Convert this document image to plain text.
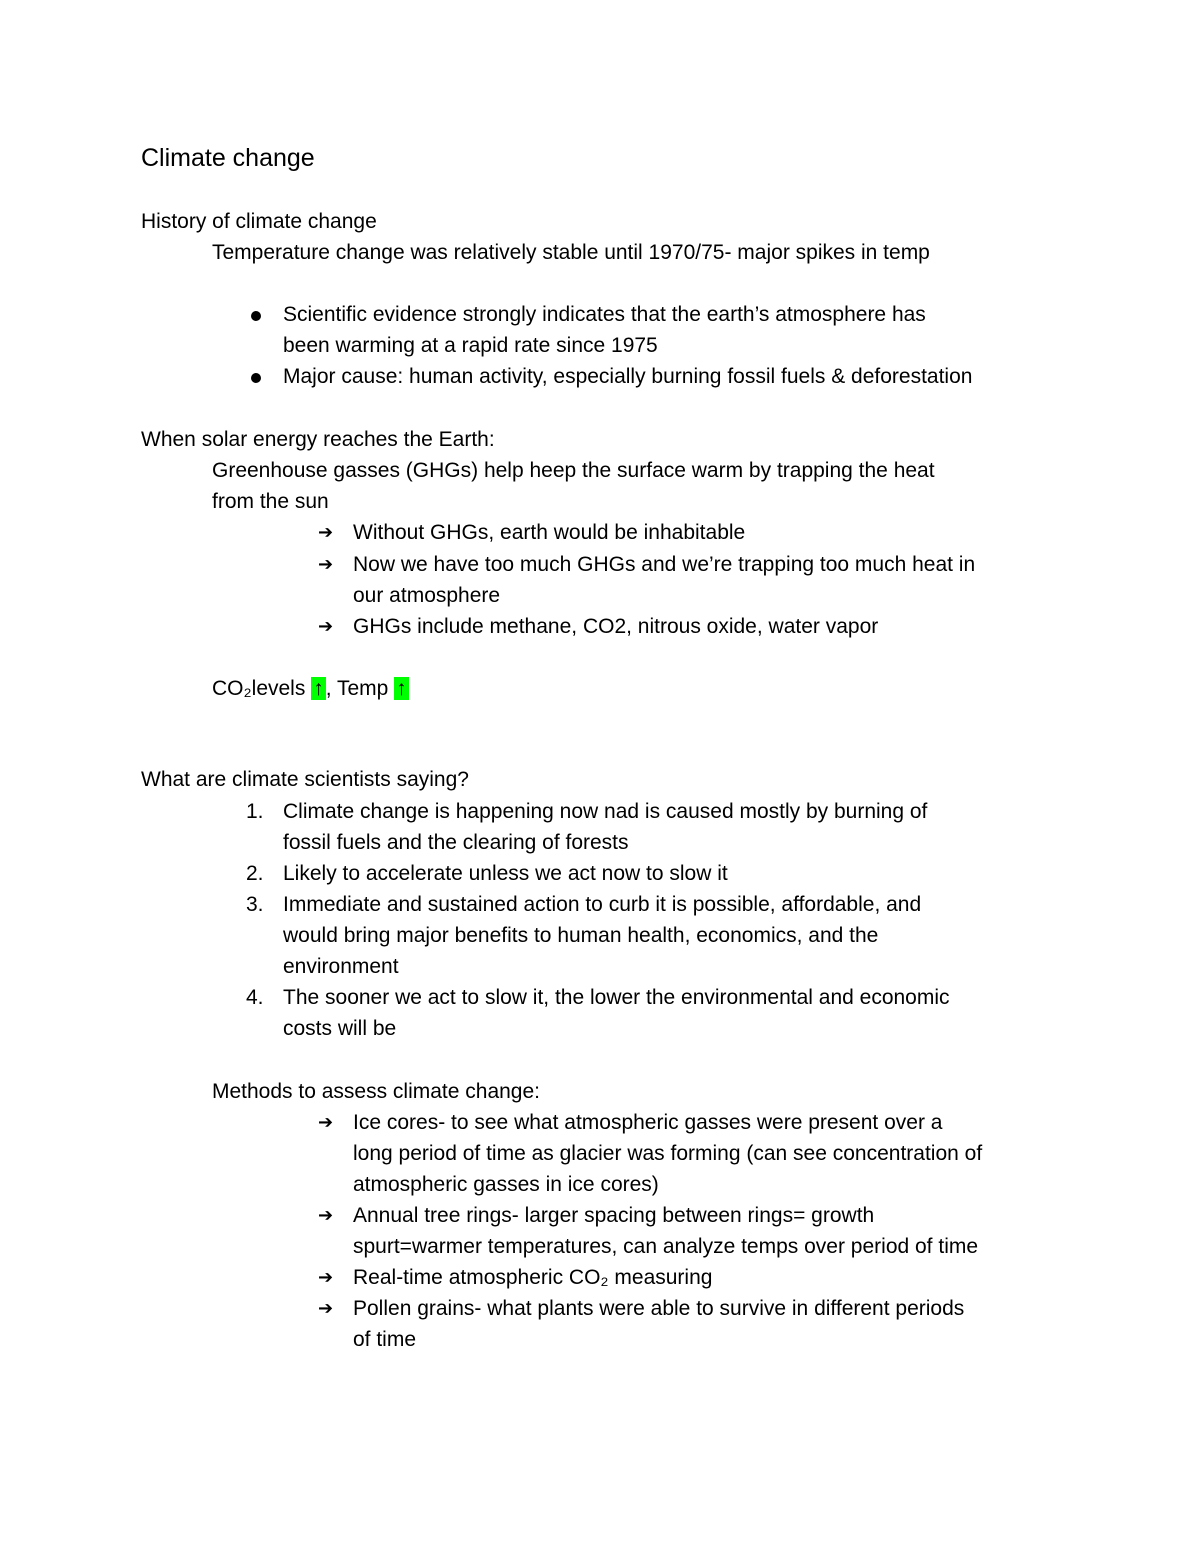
Climate change
History of climate change
Temperature change was relatively stable until 1970/75- major spikes in temp
Scientific evidence strongly indicates that the earth’s atmosphere has
been warming at a rapid rate since 1975
Major cause: human activity, especially burning fossil fuels & deforestation
When solar energy reaches the Earth:
Greenhouse gasses (GHGs) help heep the surface warm by trapping the heat
from the sun
➔ Without GHGs, earth would be inhabitable
➔ Now we have too much GHGs and we’re trapping too much heat in
our atmosphere
➔ GHGs include methane, CO2, nitrous oxide, water vapor
CO₂levels ↑, Temp ↑
What are climate scientists saying?
1. Climate change is happening now nad is caused mostly by burning of
fossil fuels and the clearing of forests
2. Likely to accelerate unless we act now to slow it
3. Immediate and sustained action to curb it is possible, affordable, and
would bring major benefits to human health, economics, and the
environment
4. The sooner we act to slow it, the lower the environmental and economic
costs will be
Methods to assess climate change:
➔ Ice cores- to see what atmospheric gasses were present over a
long period of time as glacier was forming (can see concentration of
atmospheric gasses in ice cores)
➔ Annual tree rings- larger spacing between rings= growth
spurt=warmer temperatures, can analyze temps over period of time
➔ Real-time atmospheric CO₂ measuring
➔ Pollen grains- what plants were able to survive in different periods
of time
